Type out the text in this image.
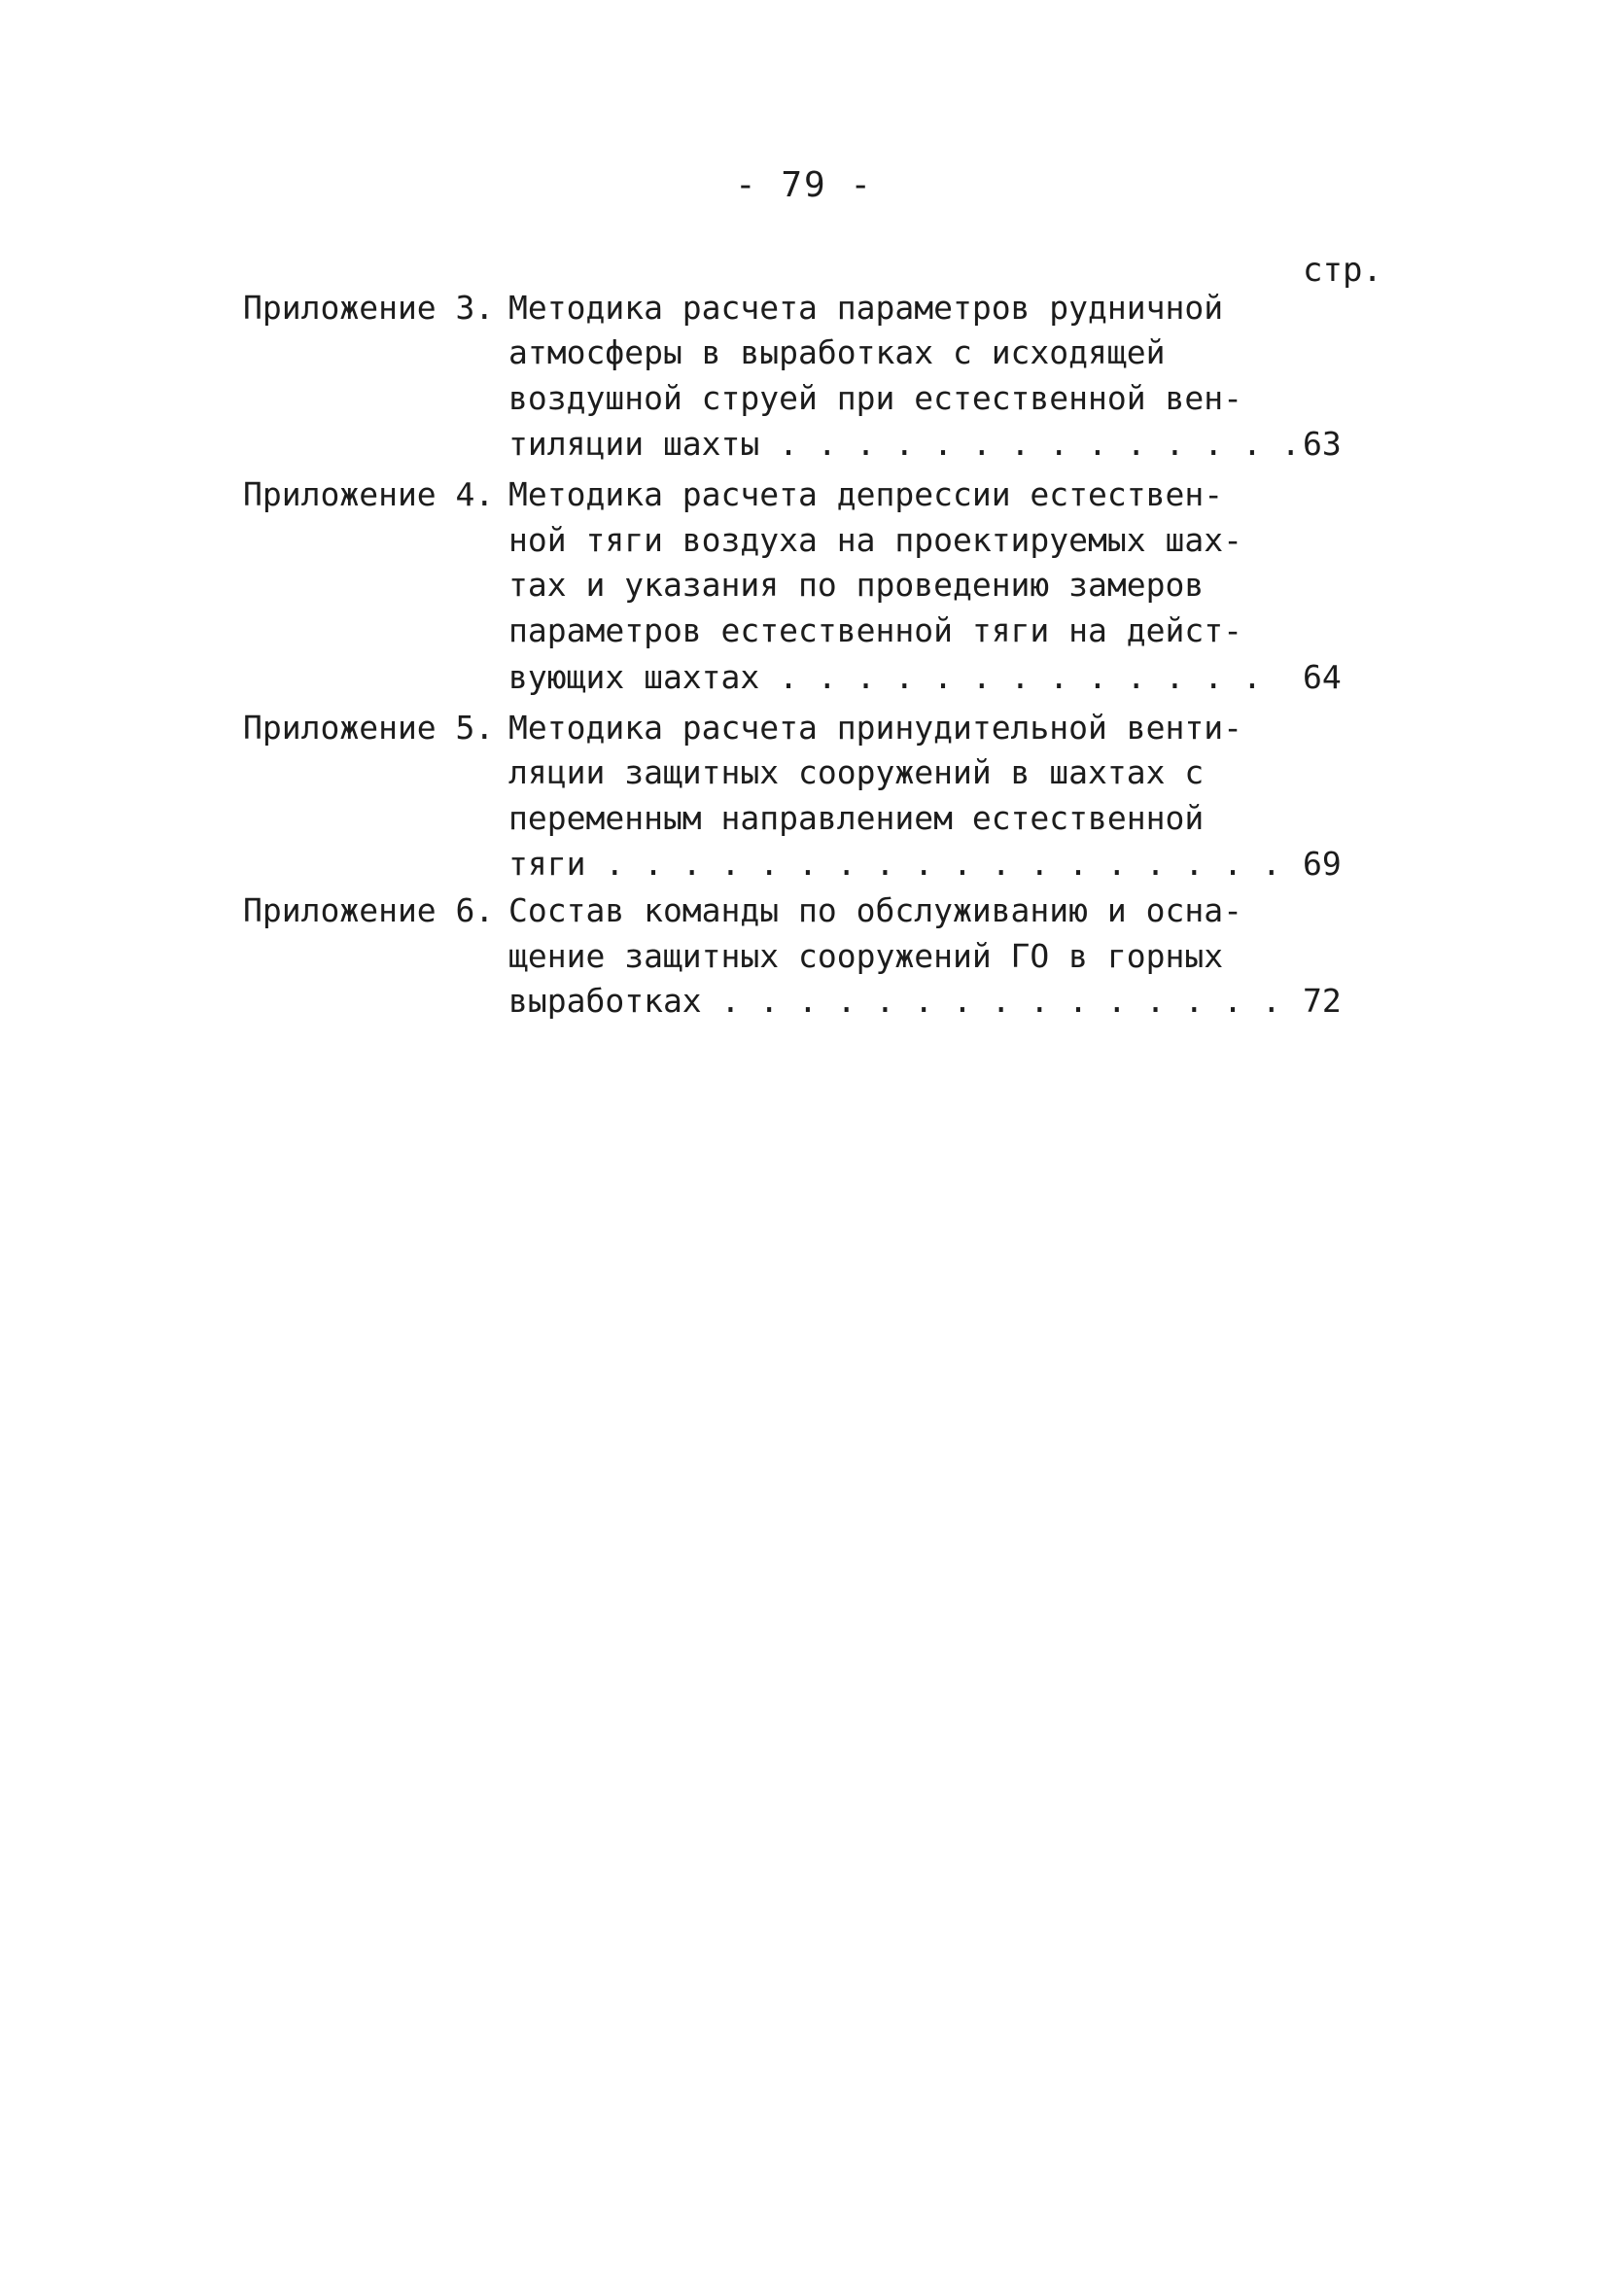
- 79 -
стр.
Приложение 3. Методика расчета параметров рудничной
атмосферы в выработках с исходящей
воздушной струей при естественной вен-
тиляции шахты . . . . . . . . . . . . . . 63
Приложение 4. Методика расчета депрессии естествен-
ной тяги воздуха на проектируемых шах-
тах и указания по проведению замеров
параметров естественной тяги на дейст-
вующих шахтах . . . . . . . . . . . . . 64
Приложение 5. Методика расчета принудительной венти-
ляции защитных сооружений в шахтах с
переменным направлением естественной
тяги . . . . . . . . . . . . . . . . . . 69
Приложение 6. Состав команды по обслуживанию и осна-
щение защитных сооружений ГО в горных
выработках . . . . . . . . . . . . . . . 72
